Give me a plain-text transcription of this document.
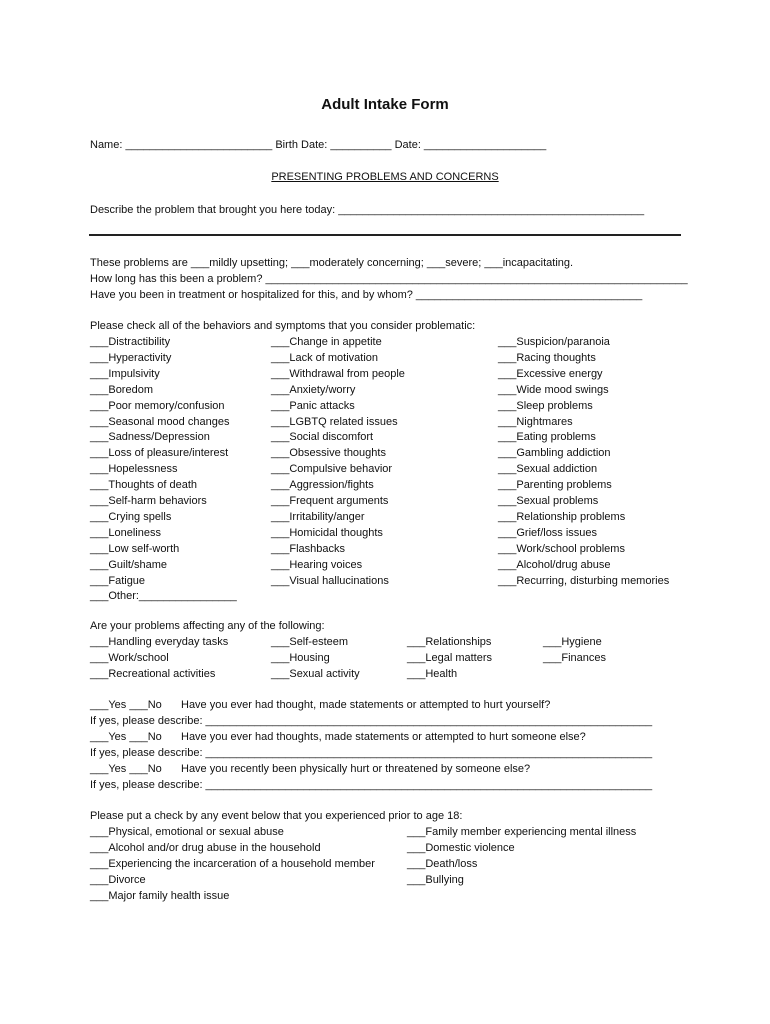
Adult Intake Form
Name: ________________________ Birth Date: __________ Date: ____________________
PRESENTING PROBLEMS AND CONCERNS
Describe the problem that brought you here today: __________________________________________________
These problems are ___mildly upsetting; ___moderately concerning; ___severe; ___incapacitating.
How long has this been a problem? _____________________________________________________________________
Have you been in treatment or hospitalized for this, and by whom? _____________________________________
Please check all of the behaviors and symptoms that you consider problematic:
___Distractibility
___Hyperactivity
___Impulsivity
___Boredom
___Poor memory/confusion
___Seasonal mood changes
___Sadness/Depression
___Loss of pleasure/interest
___Hopelessness
___Thoughts of death
___Self-harm behaviors
___Crying spells
___Loneliness
___Low self-worth
___Guilt/shame
___Fatigue
___Other:________________
___Change in appetite
___Lack of motivation
___Withdrawal from people
___Anxiety/worry
___Panic attacks
___LGBTQ related issues
___Social discomfort
___Obsessive thoughts
___Compulsive behavior
___Aggression/fights
___Frequent arguments
___Irritability/anger
___Homicidal thoughts
___Flashbacks
___Hearing voices
___Visual hallucinations
___Suspicion/paranoia
___Racing thoughts
___Excessive energy
___Wide mood swings
___Sleep problems
___Nightmares
___Eating problems
___Gambling addiction
___Sexual addiction
___Parenting problems
___Sexual problems
___Relationship problems
___Grief/loss issues
___Work/school problems
___Alcohol/drug abuse
___Recurring, disturbing memories
Are your problems affecting any of the following:
___Handling everyday tasks
___Work/school
___Recreational activities
___Self-esteem
___Housing
___Sexual activity
___Relationships
___Legal matters
___Health
___Hygiene
___Finances
___Yes ___No Have you ever had thought, made statements or attempted to hurt yourself?
If yes, please describe: _________________________________________________________________________
___Yes ___No Have you ever had thoughts, made statements or attempted to hurt someone else?
If yes, please describe: _________________________________________________________________________
___Yes ___No Have you recently been physically hurt or threatened by someone else?
If yes, please describe: _________________________________________________________________________
Please put a check by any event below that you experienced prior to age 18:
___Physical, emotional or sexual abuse
___Alcohol and/or drug abuse in the household
___Experiencing the incarceration of a household member
___Divorce
___Major family health issue
___Family member experiencing mental illness
___Domestic violence
___Death/loss
___Bullying
